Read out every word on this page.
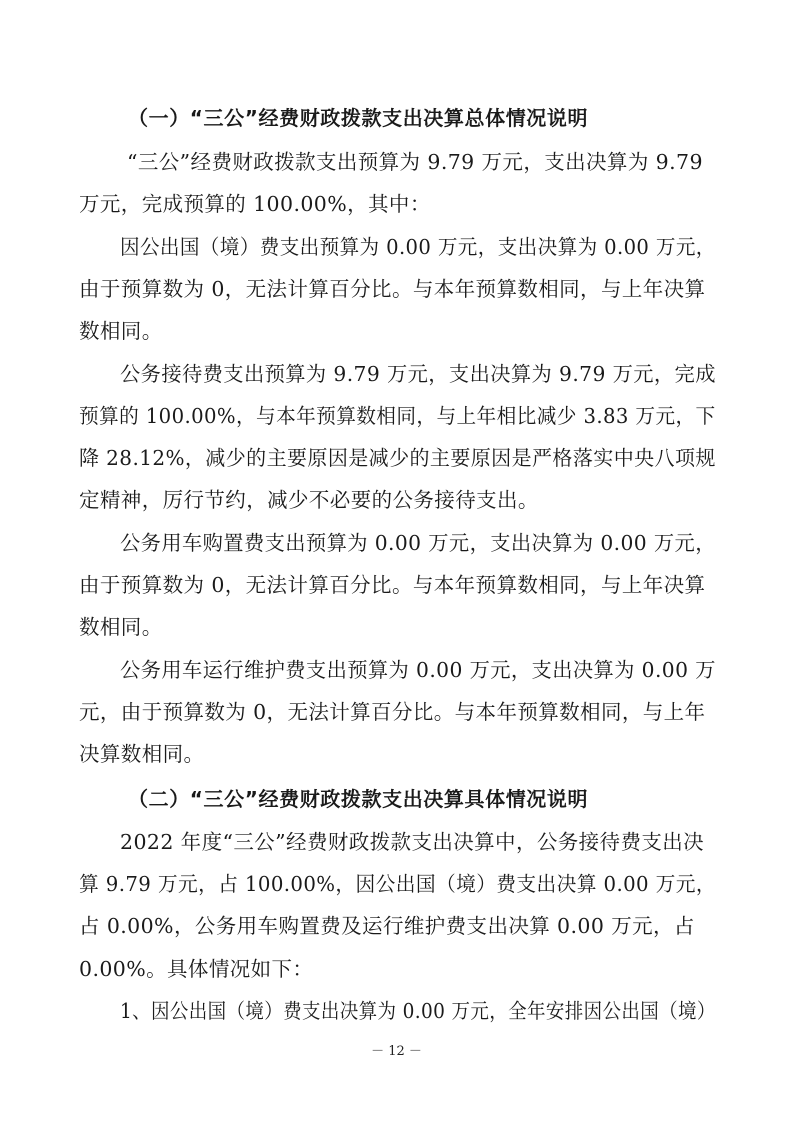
（一）“三公”经费财政拨款支出决算总体情况说明
“三公”经费财政拨款支出预算为 9.79 万元，支出决算为 9.79
万元，完成预算的 100.00%，其中：
因公出国（境）费支出预算为 0.00 万元，支出决算为 0.00 万元，
由于预算数为 0，无法计算百分比。与本年预算数相同，与上年决算
数相同。
公务接待费支出预算为 9.79 万元，支出决算为 9.79 万元，完成
预算的 100.00%，与本年预算数相同，与上年相比减少 3.83 万元，下
降 28.12%，减少的主要原因是减少的主要原因是严格落实中央八项规
定精神，厉行节约，减少不必要的公务接待支出。
公务用车购置费支出预算为 0.00 万元，支出决算为 0.00 万元，
由于预算数为 0，无法计算百分比。与本年预算数相同，与上年决算
数相同。
公务用车运行维护费支出预算为 0.00 万元，支出决算为 0.00 万
元，由于预算数为 0，无法计算百分比。与本年预算数相同，与上年
决算数相同。
（二）“三公”经费财政拨款支出决算具体情况说明
2022 年度“三公”经费财政拨款支出决算中，公务接待费支出决
算 9.79 万元，占 100.00%，因公出国（境）费支出决算 0.00 万元，
占 0.00%，公务用车购置费及运行维护费支出决算 0.00 万元，占
0.00%。具体情况如下：
1、因公出国（境）费支出决算为 0.00 万元，全年安排因公出国（境）
－ 12 －
